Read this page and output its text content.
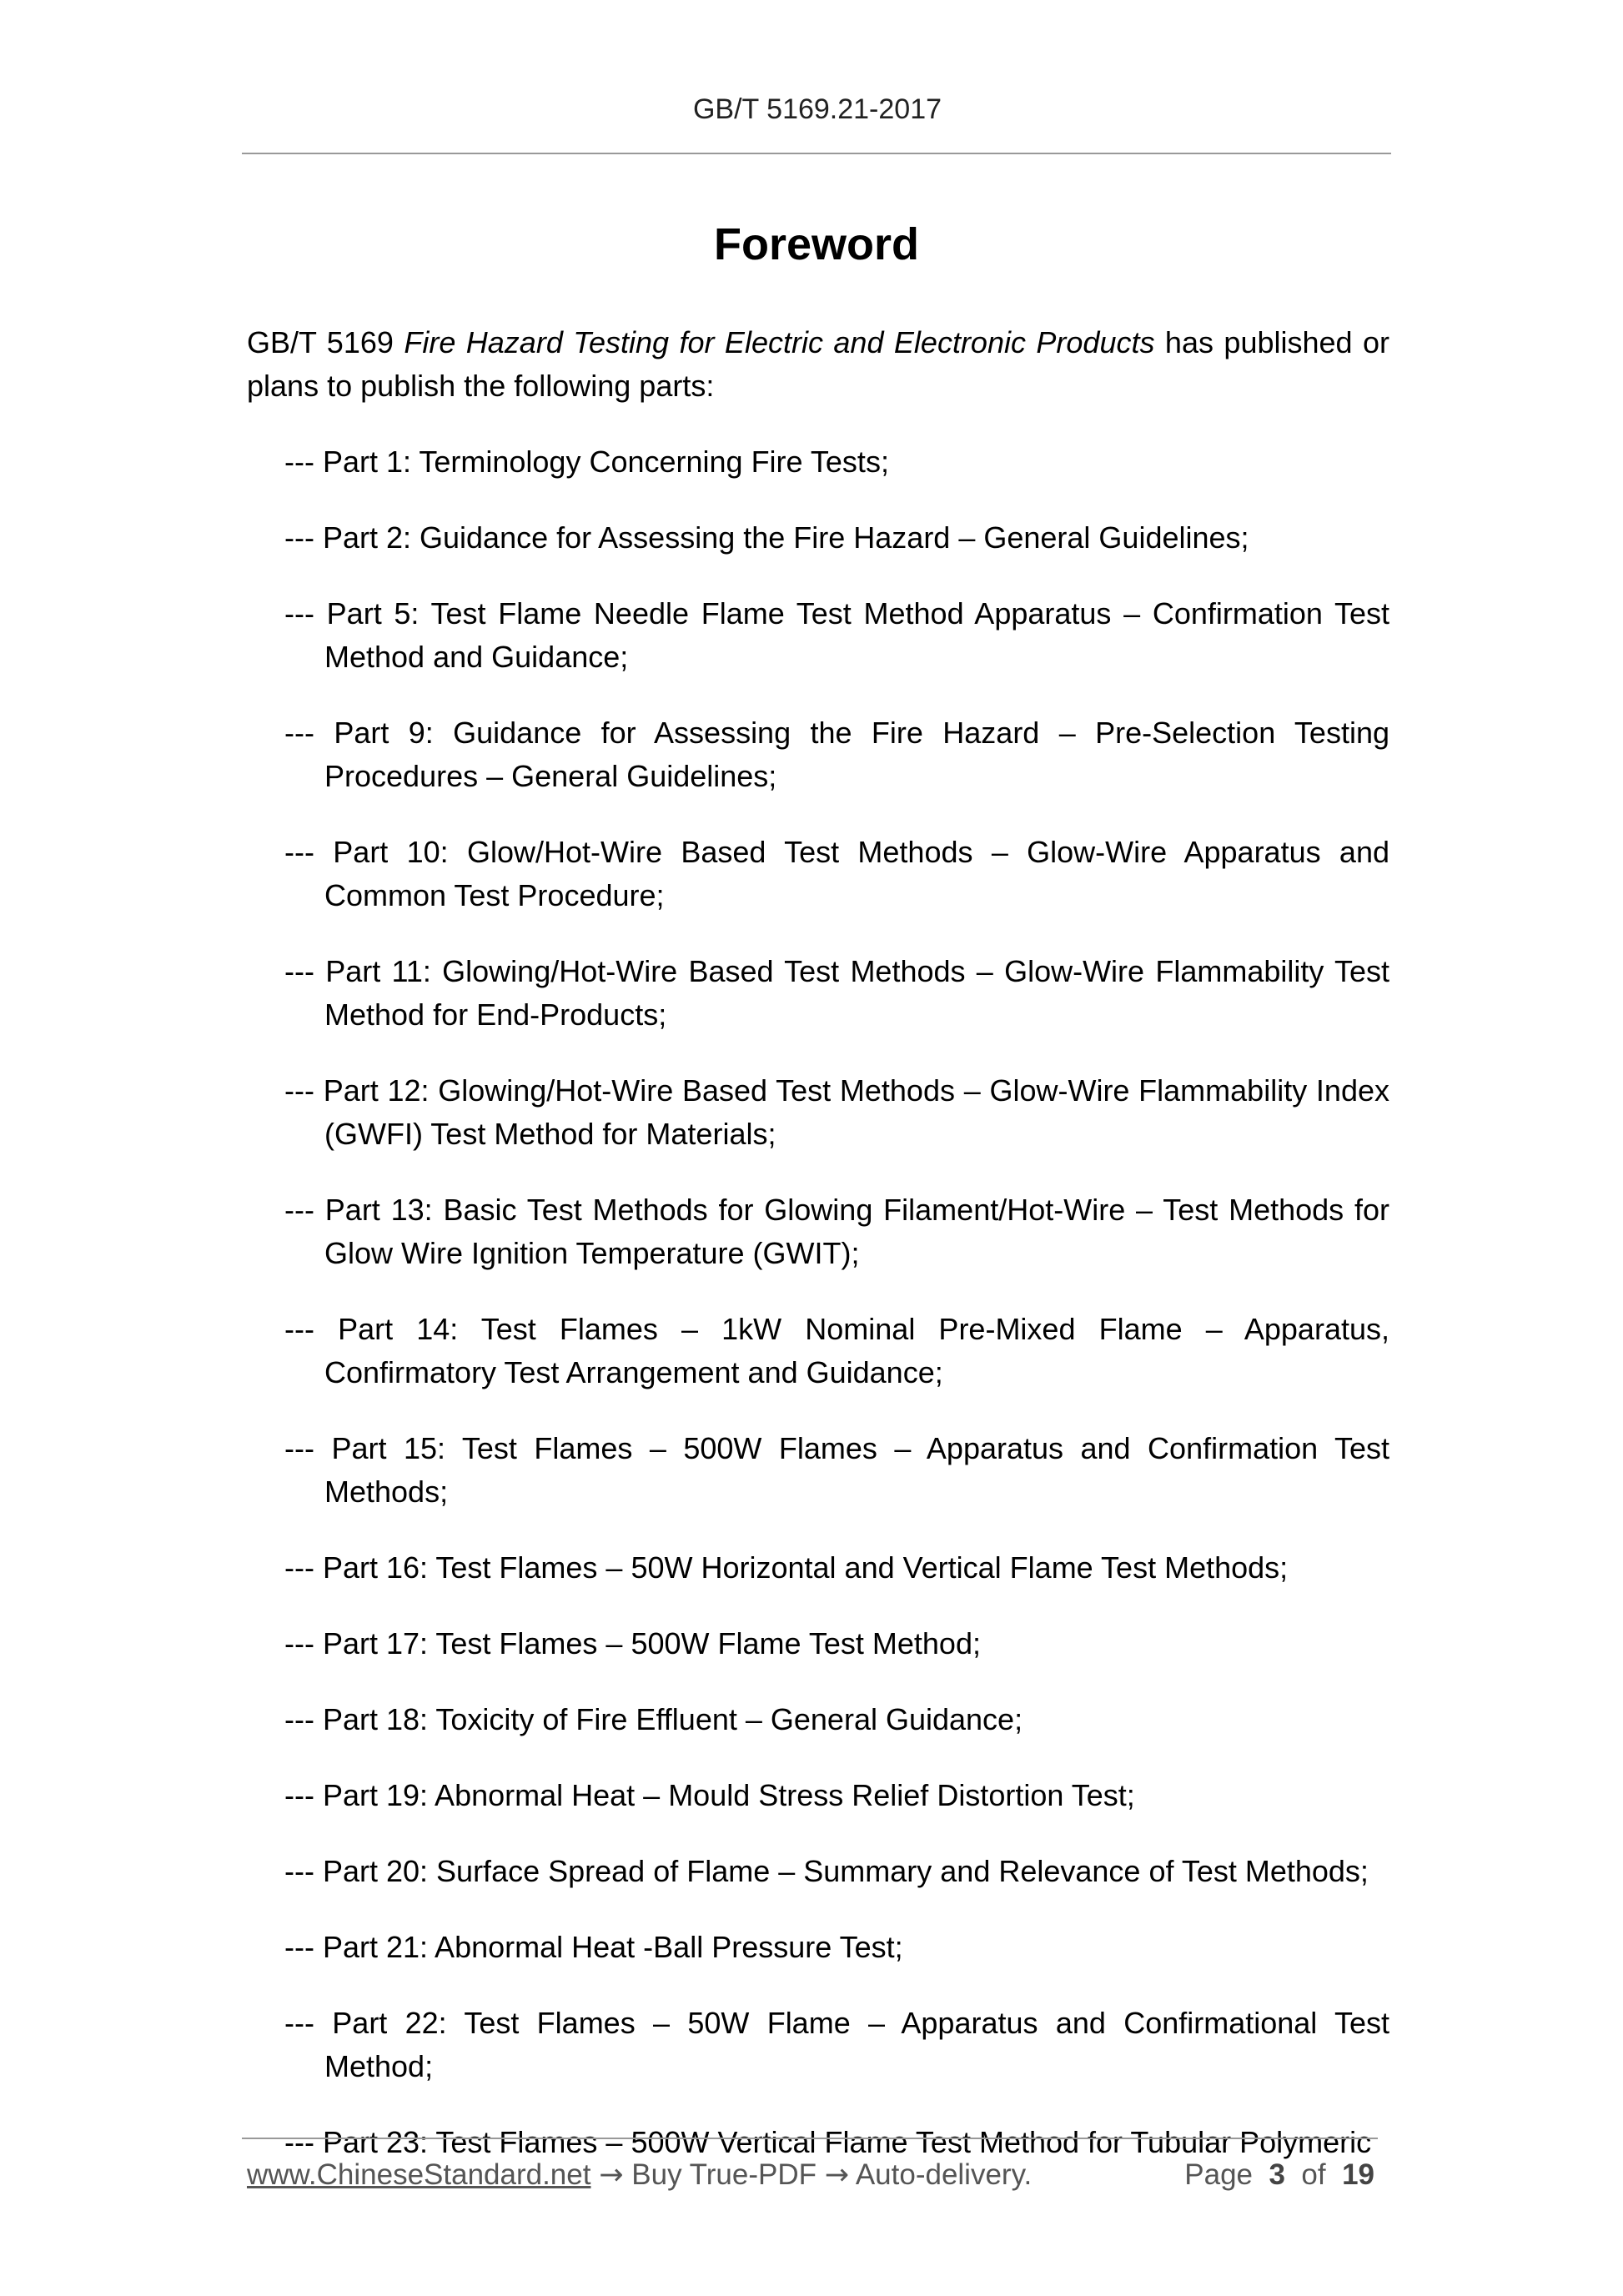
GB/T 5169.21-2017
Foreword

GB/T 5169 Fire Hazard Testing for Electric and Electronic Products has published or plans to publish the following parts:

--- Part 1: Terminology Concerning Fire Tests;
--- Part 2: Guidance for Assessing the Fire Hazard – General Guidelines;
--- Part 5: Test Flame Needle Flame Test Method Apparatus – Confirmation Test Method and Guidance;
--- Part 9: Guidance for Assessing the Fire Hazard – Pre-Selection Testing Procedures – General Guidelines;
--- Part 10: Glow/Hot-Wire Based Test Methods – Glow-Wire Apparatus and Common Test Procedure;
--- Part 11: Glowing/Hot-Wire Based Test Methods – Glow-Wire Flammability Test Method for End-Products;
--- Part 12: Glowing/Hot-Wire Based Test Methods – Glow-Wire Flammability Index (GWFI) Test Method for Materials;
--- Part 13: Basic Test Methods for Glowing Filament/Hot-Wire – Test Methods for Glow Wire Ignition Temperature (GWIT);
--- Part 14: Test Flames – 1kW Nominal Pre-Mixed Flame – Apparatus, Confirmatory Test Arrangement and Guidance;
--- Part 15: Test Flames – 500W Flames – Apparatus and Confirmation Test Methods;
--- Part 16: Test Flames – 50W Horizontal and Vertical Flame Test Methods;
--- Part 17: Test Flames – 500W Flame Test Method;
--- Part 18: Toxicity of Fire Effluent – General Guidance;
--- Part 19: Abnormal Heat – Mould Stress Relief Distortion Test;
--- Part 20: Surface Spread of Flame – Summary and Relevance of Test Methods;
--- Part 21: Abnormal Heat -Ball Pressure Test;
--- Part 22: Test Flames – 50W Flame – Apparatus and Confirmational Test Method;
--- Part 23: Test Flames – 500W Vertical Flame Test Method for Tubular Polymeric
www.ChineseStandard.net → Buy True-PDF → Auto-delivery.	Page 3 of 19
